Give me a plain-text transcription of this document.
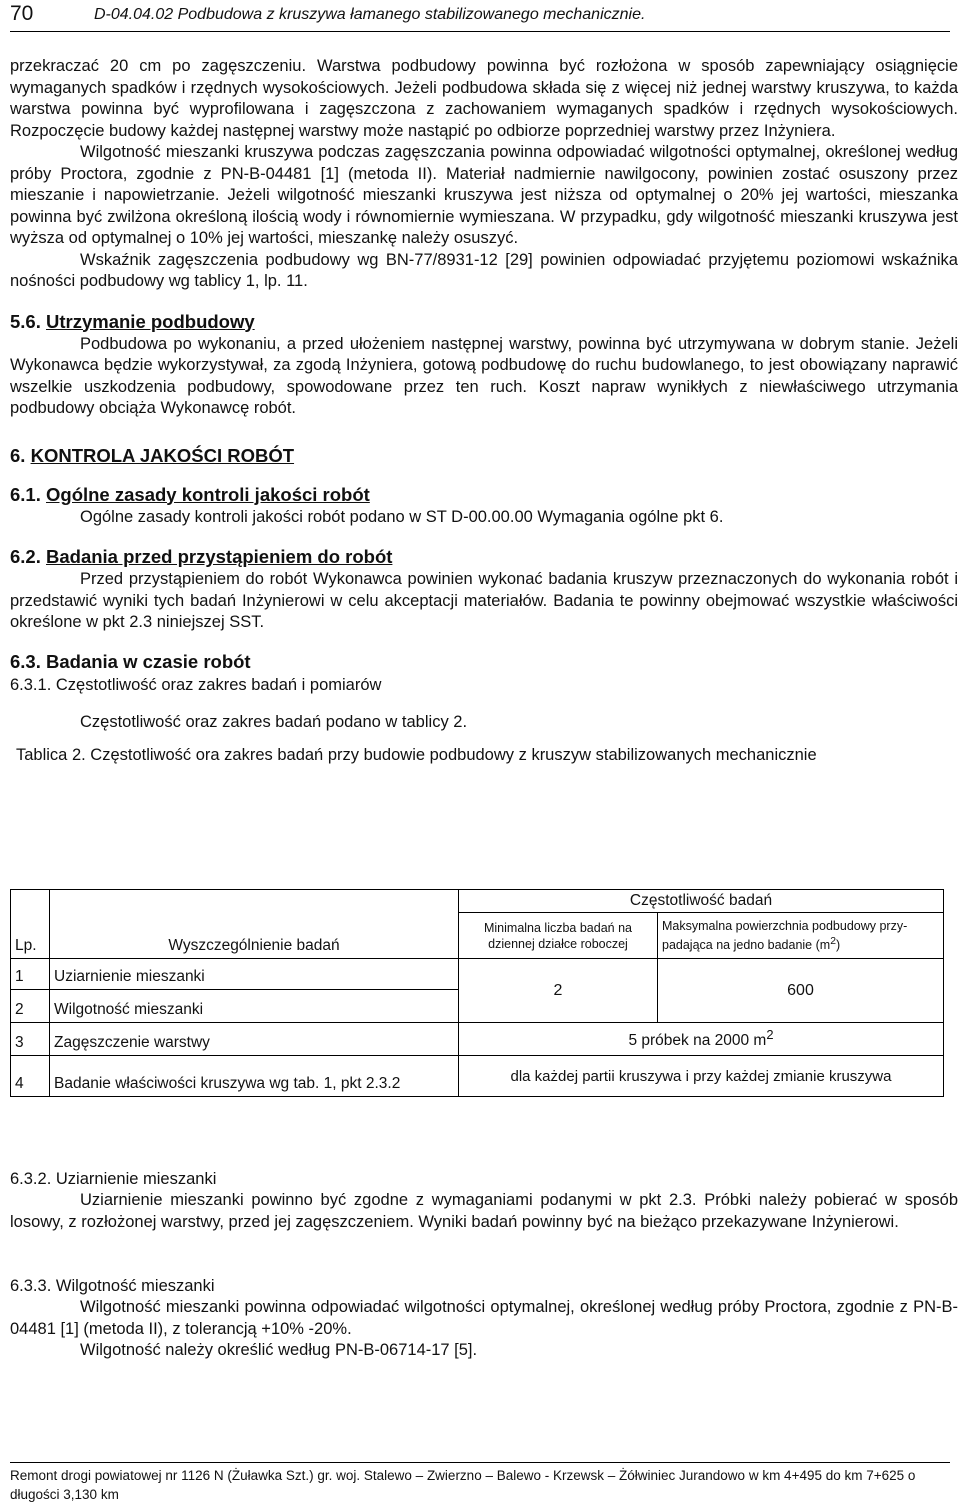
70	D-04.04.02 Podbudowa z kruszywa łamanego stabilizowanego mechanicznie.

przekraczać 20 cm po zagęszczeniu. Warstwa podbudowy powinna być rozłożona w sposób zapewniający osiągnięcie wymaganych spadków i rzędnych wysokościowych. Jeżeli podbudowa składa się z więcej niż jednej warstwy kruszywa, to każda warstwa powinna być wyprofilowana i zagęszczona z zachowaniem wymaganych spadków i rzędnych wysokościowych. Rozpoczęcie budowy każdej następnej warstwy może nastąpić po odbiorze poprzedniej warstwy przez Inżyniera.

Wilgotność mieszanki kruszywa podczas zagęszczania powinna odpowiadać wilgotności optymalnej, określonej według próby Proctora, zgodnie z PN-B-04481 [1] (metoda II). Materiał nadmiernie nawilgocony, powinien zostać osuszony przez mieszanie i napowietrzanie. Jeżeli wilgotność mieszanki kruszywa jest niższa od optymalnej o 20% jej wartości, mieszanka powinna być zwilżona określoną ilością wody i równomiernie wymieszana. W przypadku, gdy wilgotność mieszanki kruszywa jest wyższa od optymalnej o 10% jej wartości, mieszankę należy osuszyć.

Wskaźnik zagęszczenia podbudowy wg BN-77/8931-12 [29] powinien odpowiadać przyjętemu poziomowi wskaźnika nośności podbudowy wg tablicy 1, lp. 11.

5.6. Utrzymanie podbudowy

Podbudowa po wykonaniu, a przed ułożeniem następnej warstwy, powinna być utrzymywana w dobrym stanie. Jeżeli Wykonawca będzie wykorzystywał, za zgodą Inżyniera, gotową podbudowę do ruchu budowlanego, to jest obowiązany naprawić wszelkie uszkodzenia podbudowy, spowodowane przez ten ruch. Koszt napraw wynikłych z niewłaściwego utrzymania podbudowy obciąża Wykonawcę robót.

6. KONTROLA JAKOŚCI ROBÓT

6.1. Ogólne zasady kontroli jakości robót

Ogólne zasady kontroli jakości robót podano w ST D-00.00.00 Wymagania ogólne pkt 6.

6.2. Badania przed przystąpieniem do robót

Przed przystąpieniem do robót Wykonawca powinien wykonać badania kruszyw przeznaczonych do wykonania robót i przedstawić wyniki tych badań Inżynierowi w celu akceptacji materiałów. Badania te powinny obejmować wszystkie właściwości określone w pkt 2.3 niniejszej SST.

6.3. Badania w czasie robót

6.3.1. Częstotliwość oraz zakres badań i pomiarów

Częstotliwość oraz zakres badań podano w tablicy 2.

Tablica 2. Częstotliwość ora zakres badań przy budowie podbudowy z kruszyw stabilizowanych mechanicznie

Lp.	Wyszczególnienie badań	Częstotliwość badań	
		Minimalna liczba badań na dziennej działce roboczej	Maksymalna powierzchnia podbudowy przy-padająca na jedno badanie $(m^2)$
1	Uziarnienie mieszanki	2	600
2	Wilgotność mieszanki		
3	Zagęszczenie warstwy	5 próbek na 2000 $m^2$
4	Badanie właściwości kruszywa wg tab. 1, pkt 2.3.2	dla każdej partii kruszywa i przy każdej zmianie kruszywa	

6.3.2. Uziarnienie mieszanki

Uziarnienie mieszanki powinno być zgodne z wymaganiami podanymi w pkt 2.3. Próbki należy pobierać w sposób losowy, z rozłożonej warstwy, przed jej zagęszczeniem. Wyniki badań powinny być na bieżąco przekazywane Inżynierowi.

6.3.3. Wilgotność mieszanki

Wilgotność mieszanki powinna odpowiadać wilgotności optymalnej, określonej według próby Proctora, zgodnie z PN-B-04481 [1] (metoda II), z tolerancją +10% -20%.

Wilgotność należy określić według PN-B-06714-17 [5].

Remont drogi powiatowej nr 1126 N (Żuławka Szt.) gr. woj. Stalewo – Zwierzno – Balewo - Krzewsk – Żółwiniec Jurandowo w km 4+495 do km 7+625 o długości 3,130 km
